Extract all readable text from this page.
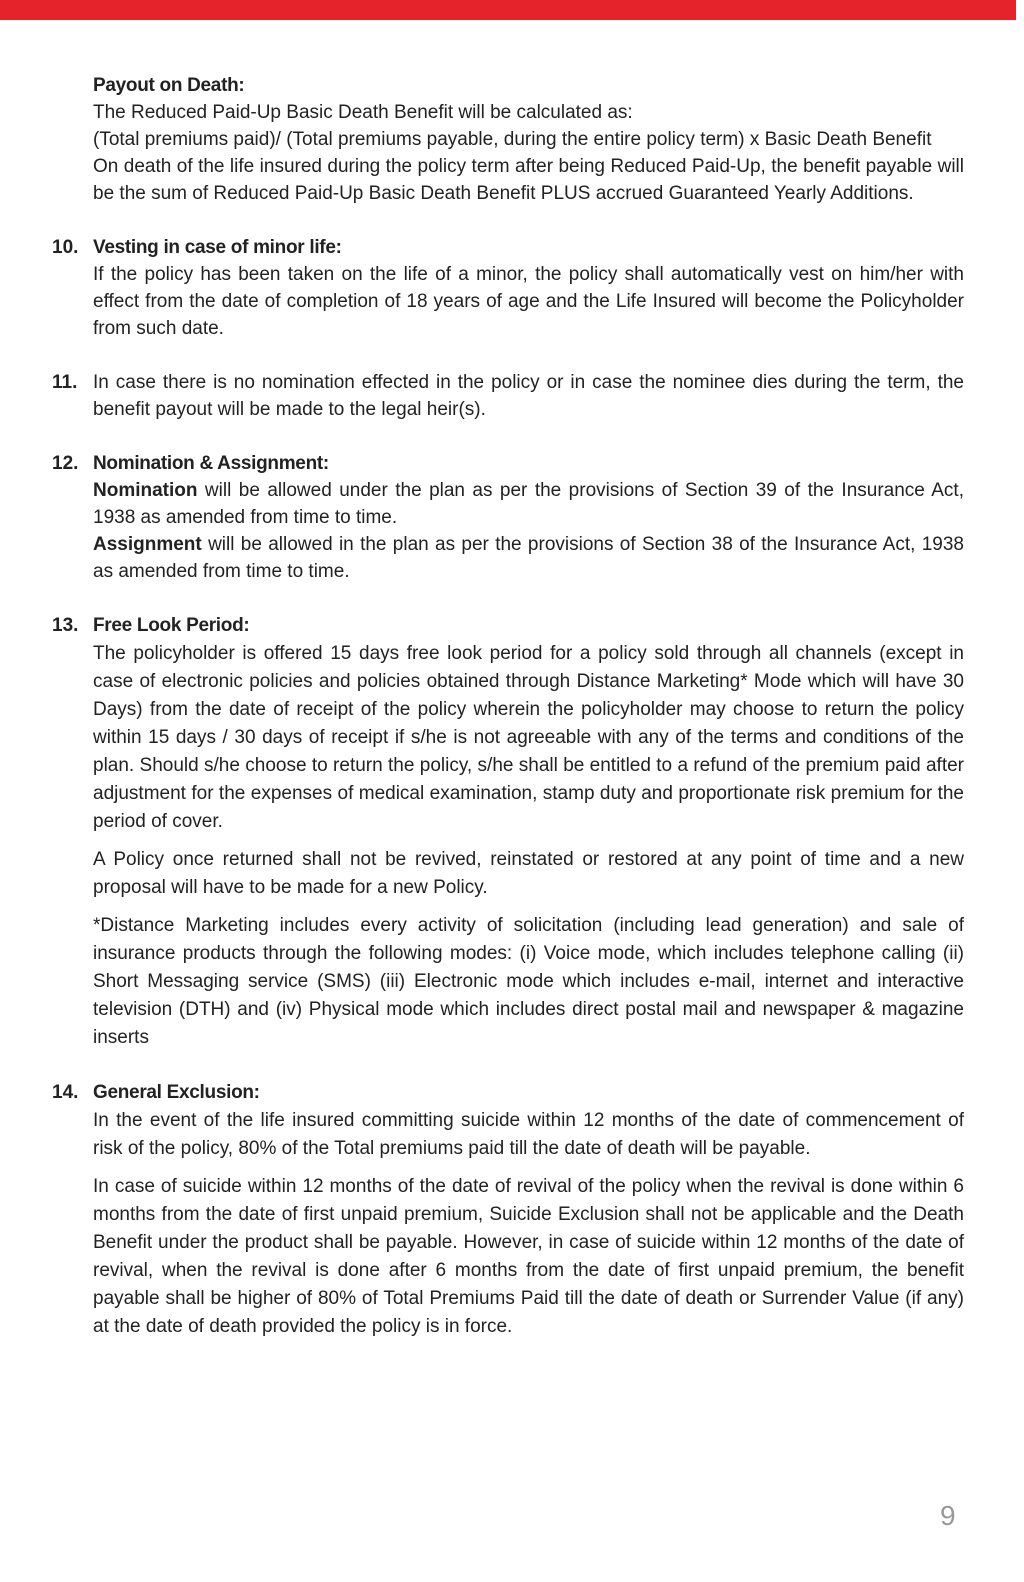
Payout on Death:
The Reduced Paid-Up Basic Death Benefit will be calculated as:
(Total premiums paid)/ (Total premiums payable, during the entire policy term) x Basic Death Benefit
On death of the life insured during the policy term after being Reduced Paid-Up, the benefit payable will be the sum of Reduced Paid-Up Basic Death Benefit PLUS accrued Guaranteed Yearly Additions.
10. Vesting in case of minor life:
If the policy has been taken on the life of a minor, the policy shall automatically vest on him/her with effect from the date of completion of 18 years of age and the Life Insured will become the Policyholder from such date.
11. In case there is no nomination effected in the policy or in case the nominee dies during the term, the benefit payout will be made to the legal heir(s).
12. Nomination & Assignment:
Nomination will be allowed under the plan as per the provisions of Section 39 of the Insurance Act, 1938 as amended from time to time.
Assignment will be allowed in the plan as per the provisions of Section 38 of the Insurance Act, 1938 as amended from time to time.
13. Free Look Period:
The policyholder is offered 15 days free look period for a policy sold through all channels (except in case of electronic policies and policies obtained through Distance Marketing* Mode which will have 30 Days) from the date of receipt of the policy wherein the policyholder may choose to return the policy within 15 days / 30 days of receipt if s/he is not agreeable with any of the terms and conditions of the plan. Should s/he choose to return the policy, s/he shall be entitled to a refund of the premium paid after adjustment for the expenses of medical examination, stamp duty and proportionate risk premium for the period of cover.
A Policy once returned shall not be revived, reinstated or restored at any point of time and a new proposal will have to be made for a new Policy.
*Distance Marketing includes every activity of solicitation (including lead generation) and sale of insurance products through the following modes: (i) Voice mode, which includes telephone calling (ii) Short Messaging service (SMS) (iii) Electronic mode which includes e-mail, internet and interactive television (DTH) and (iv) Physical mode which includes direct postal mail and newspaper & magazine inserts
14. General Exclusion:
In the event of the life insured committing suicide within 12 months of the date of commencement of risk of the policy, 80% of the Total premiums paid till the date of death will be payable.
In case of suicide within 12 months of the date of revival of the policy when the revival is done within 6 months from the date of first unpaid premium, Suicide Exclusion shall not be applicable and the Death Benefit under the product shall be payable. However, in case of suicide within 12 months of the date of revival, when the revival is done after 6 months from the date of first unpaid premium, the benefit payable shall be higher of 80% of Total Premiums Paid till the date of death or Surrender Value (if any) at the date of death provided the policy is in force.
9
